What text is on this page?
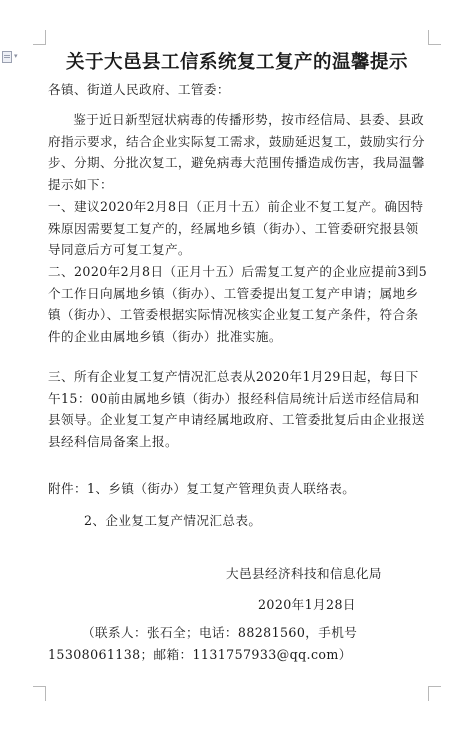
▾	关于大邑县工信系统复工复产的温馨提示
各镇、街道人民政府、工管委：
鉴于近日新型冠状病毒的传播形势，按市经信局、县委、县政府指示要求，结合企业实际复工需求，鼓励延迟复工，鼓励实行分步、分期、分批次复工，避免病毒大范围传播造成伤害，我局温馨提示如下：
一、建议2020年2月8日（正月十五）前企业不复工复产。确因特殊原因需要复工复产的，经属地乡镇（街办）、工管委研究报县领导同意后方可复工复产。
二、2020年2月8日（正月十五）后需复工复产的企业应提前3到5个工作日向属地乡镇（街办）、工管委提出复工复产申请；属地乡镇（街办）、工管委根据实际情况核实企业复工复产条件，符合条件的企业由属地乡镇（街办）批准实施。
三、所有企业复工复产情况汇总表从2020年1月29日起，每日下午15：00前由属地乡镇（街办）报经科信局统计后送市经信局和县领导。企业复工复产申请经属地政府、工管委批复后由企业报送县经科信局备案上报。
附件：1、乡镇（街办）复工复产管理负责人联络表。
2、企业复工复产情况汇总表。
大邑县经济科技和信息化局
2020年1月28日
（联系人：张石全；电话：88281560，手机号
15308061138；邮箱：1131757933@qq.com）
